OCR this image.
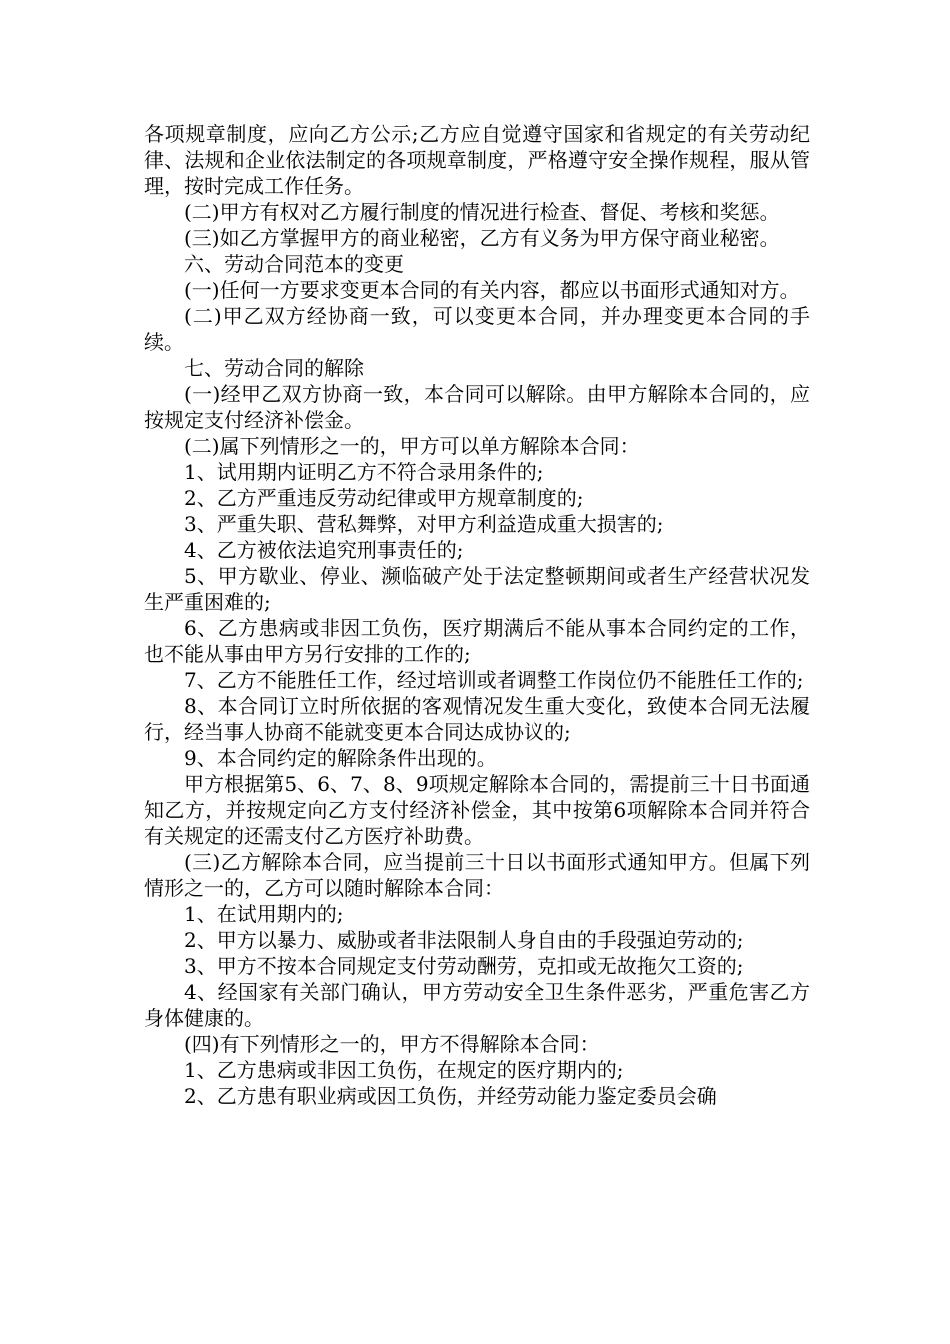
各项规章制度，应向乙方公示;乙方应自觉遵守国家和省规定的有关劳动纪律、法规和企业依法制定的各项规章制度，严格遵守安全操作规程，服从管理，按时完成工作任务。

(二)甲方有权对乙方履行制度的情况进行检查、督促、考核和奖惩。

(三)如乙方掌握甲方的商业秘密，乙方有义务为甲方保守商业秘密。

六、劳动合同范本的变更

(一)任何一方要求变更本合同的有关内容，都应以书面形式通知对方。

(二)甲乙双方经协商一致，可以变更本合同，并办理变更本合同的手续。

七、劳动合同的解除

(一)经甲乙双方协商一致，本合同可以解除。由甲方解除本合同的，应按规定支付经济补偿金。

(二)属下列情形之一的，甲方可以单方解除本合同：

1、试用期内证明乙方不符合录用条件的;

2、乙方严重违反劳动纪律或甲方规章制度的;

3、严重失职、营私舞弊，对甲方利益造成重大损害的;

4、乙方被依法追究刑事责任的;

5、甲方歇业、停业、濒临破产处于法定整顿期间或者生产经营状况发生严重困难的;

6、乙方患病或非因工负伤，医疗期满后不能从事本合同约定的工作，也不能从事由甲方另行安排的工作的;

7、乙方不能胜任工作，经过培训或者调整工作岗位仍不能胜任工作的;

8、本合同订立时所依据的客观情况发生重大变化，致使本合同无法履行，经当事人协商不能就变更本合同达成协议的;

9、本合同约定的解除条件出现的。

甲方根据第5、6、7、8、9项规定解除本合同的，需提前三十日书面通知乙方，并按规定向乙方支付经济补偿金，其中按第6项解除本合同并符合有关规定的还需支付乙方医疗补助费。

(三)乙方解除本合同，应当提前三十日以书面形式通知甲方。但属下列情形之一的，乙方可以随时解除本合同：

1、在试用期内的;

2、甲方以暴力、威胁或者非法限制人身自由的手段强迫劳动的;

3、甲方不按本合同规定支付劳动酬劳，克扣或无故拖欠工资的;

4、经国家有关部门确认，甲方劳动安全卫生条件恶劣，严重危害乙方身体健康的。

(四)有下列情形之一的，甲方不得解除本合同：

1、乙方患病或非因工负伤，在规定的医疗期内的;

2、乙方患有职业病或因工负伤，并经劳动能力鉴定委员会确
